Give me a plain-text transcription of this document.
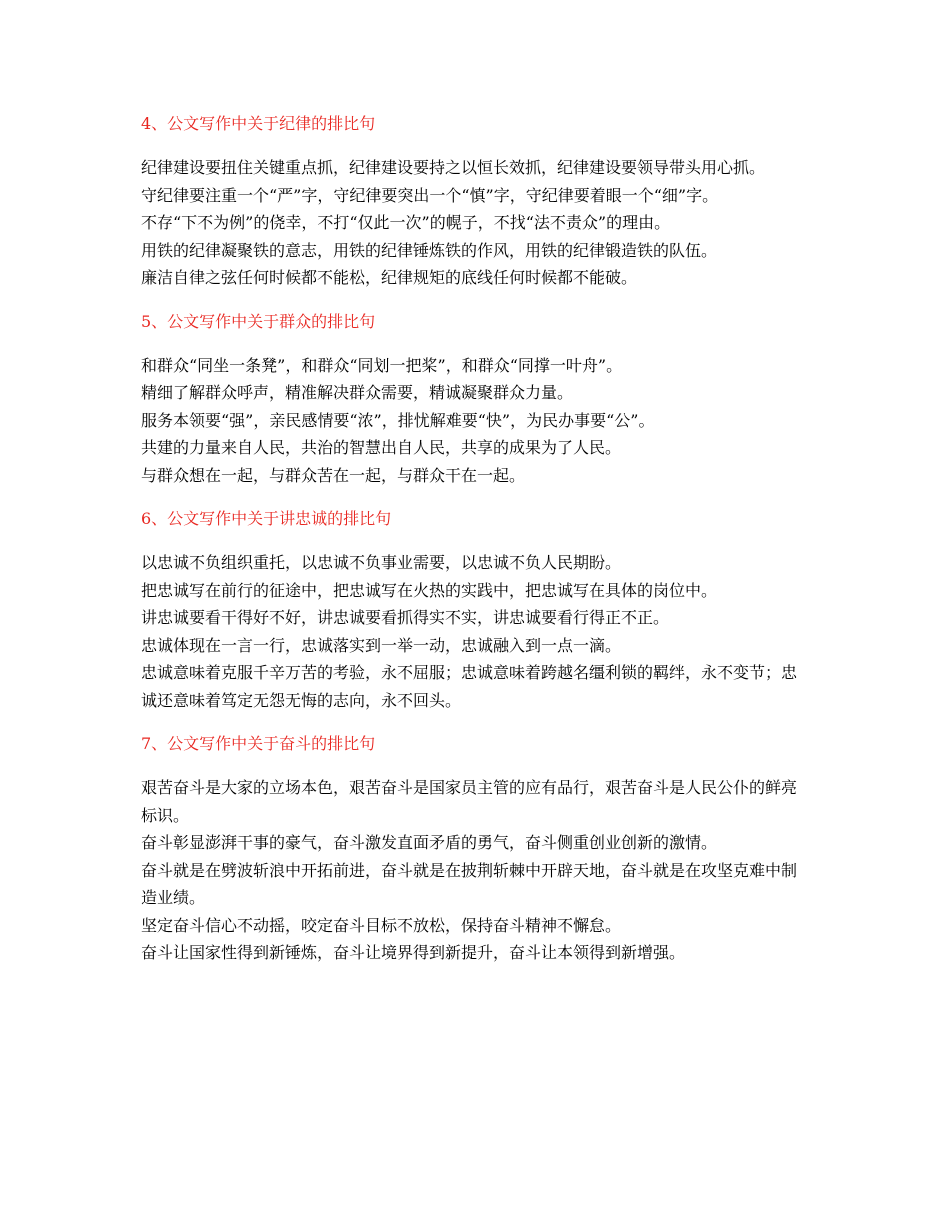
4、公文写作中关于纪律的排比句

纪律建设要扭住关键重点抓，纪律建设要持之以恒长效抓，纪律建设要领导带头用心抓。

守纪律要注重一个“严”字，守纪律要突出一个“慎”字，守纪律要着眼一个“细”字。

不存“下不为例”的侥幸，不打“仅此一次”的幌子，不找“法不责众”的理由。

用铁的纪律凝聚铁的意志，用铁的纪律锤炼铁的作风，用铁的纪律锻造铁的队伍。

廉洁自律之弦任何时候都不能松，纪律规矩的底线任何时候都不能破。

5、公文写作中关于群众的排比句

和群众“同坐一条凳”，和群众“同划一把桨”，和群众“同撑一叶舟”。

精细了解群众呼声，精准解决群众需要，精诚凝聚群众力量。

服务本领要“强”，亲民感情要“浓”，排忧解难要“快”，为民办事要“公”。

共建的力量来自人民，共治的智慧出自人民，共享的成果为了人民。

与群众想在一起，与群众苦在一起，与群众干在一起。

6、公文写作中关于讲忠诚的排比句

以忠诚不负组织重托，以忠诚不负事业需要，以忠诚不负人民期盼。

把忠诚写在前行的征途中，把忠诚写在火热的实践中，把忠诚写在具体的岗位中。

讲忠诚要看干得好不好，讲忠诚要看抓得实不实，讲忠诚要看行得正不正。

忠诚体现在一言一行，忠诚落实到一举一动，忠诚融入到一点一滴。

忠诚意味着克服千辛万苦的考验，永不屈服；忠诚意味着跨越名缰利锁的羁绊，永不变节；忠诚还意味着笃定无怨无悔的志向，永不回头。

7、公文写作中关于奋斗的排比句

艰苦奋斗是大家的立场本色，艰苦奋斗是国家员主管的应有品行，艰苦奋斗是人民公仆的鲜亮标识。

奋斗彰显澎湃干事的豪气，奋斗激发直面矛盾的勇气，奋斗侧重创业创新的激情。

奋斗就是在劈波斩浪中开拓前进，奋斗就是在披荆斩棘中开辟天地，奋斗就是在攻坚克难中制造业绩。

坚定奋斗信心不动摇，咬定奋斗目标不放松，保持奋斗精神不懈怠。

奋斗让国家性得到新锤炼，奋斗让境界得到新提升，奋斗让本领得到新增强。
